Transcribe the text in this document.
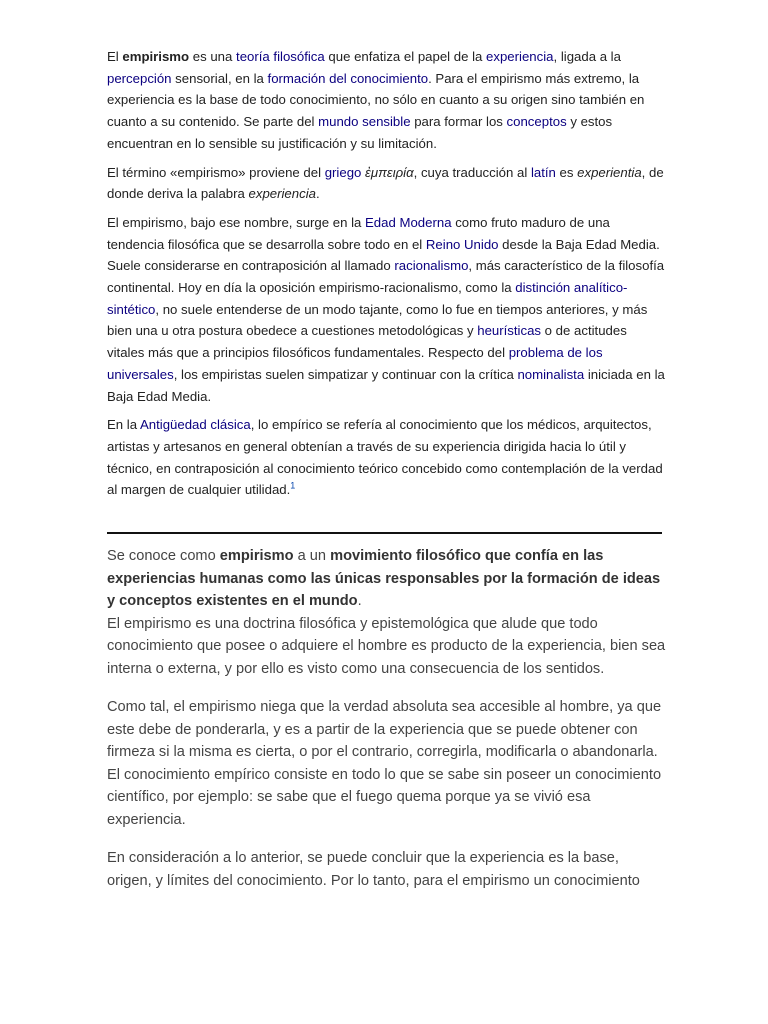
El empirismo es una teoría filosófica que enfatiza el papel de la experiencia, ligada a la percepción sensorial, en la formación del conocimiento. Para el empirismo más extremo, la experiencia es la base de todo conocimiento, no sólo en cuanto a su origen sino también en cuanto a su contenido. Se parte del mundo sensible para formar los conceptos y estos encuentran en lo sensible su justificación y su limitación.

El término «empirismo» proviene del griego ἐμπειρία, cuya traducción al latín es experientia, de donde deriva la palabra experiencia.

El empirismo, bajo ese nombre, surge en la Edad Moderna como fruto maduro de una tendencia filosófica que se desarrolla sobre todo en el Reino Unido desde la Baja Edad Media. Suele considerarse en contraposición al llamado racionalismo, más característico de la filosofía continental. Hoy en día la oposición empirismo-racionalismo, como la distinción analítico-sintético, no suele entenderse de un modo tajante, como lo fue en tiempos anteriores, y más bien una u otra postura obedece a cuestiones metodológicas y heurísticas o de actitudes vitales más que a principios filosóficos fundamentales. Respecto del problema de los universales, los empiristas suelen simpatizar y continuar con la crítica nominalista iniciada en la Baja Edad Media.

En la Antigüedad clásica, lo empírico se refería al conocimiento que los médicos, arquitectos, artistas y artesanos en general obtenían a través de su experiencia dirigida hacia lo útil y técnico, en contraposición al conocimiento teórico concebido como contemplación de la verdad al margen de cualquier utilidad.$^1$

Se conoce como empirismo a un movimiento filosófico que confía en las experiencias humanas como las únicas responsables por la formación de ideas y conceptos existentes en el mundo.

El empirismo es una doctrina filosófica y epistemológica que alude que todo conocimiento que posee o adquiere el hombre es producto de la experiencia, bien sea interna o externa, y por ello es visto como una consecuencia de los sentidos.

Como tal, el empirismo niega que la verdad absoluta sea accesible al hombre, ya que este debe de ponderarla, y es a partir de la experiencia que se puede obtener con firmeza si la misma es cierta, o por el contrario, corregirla, modificarla o abandonarla. El conocimiento empírico consiste en todo lo que se sabe sin poseer un conocimiento científico, por ejemplo: se sabe que el fuego quema porque ya se vivió esa experiencia.

En consideración a lo anterior, se puede concluir que la experiencia es la base, origen, y límites del conocimiento. Por lo tanto, para el empirismo un conocimiento
